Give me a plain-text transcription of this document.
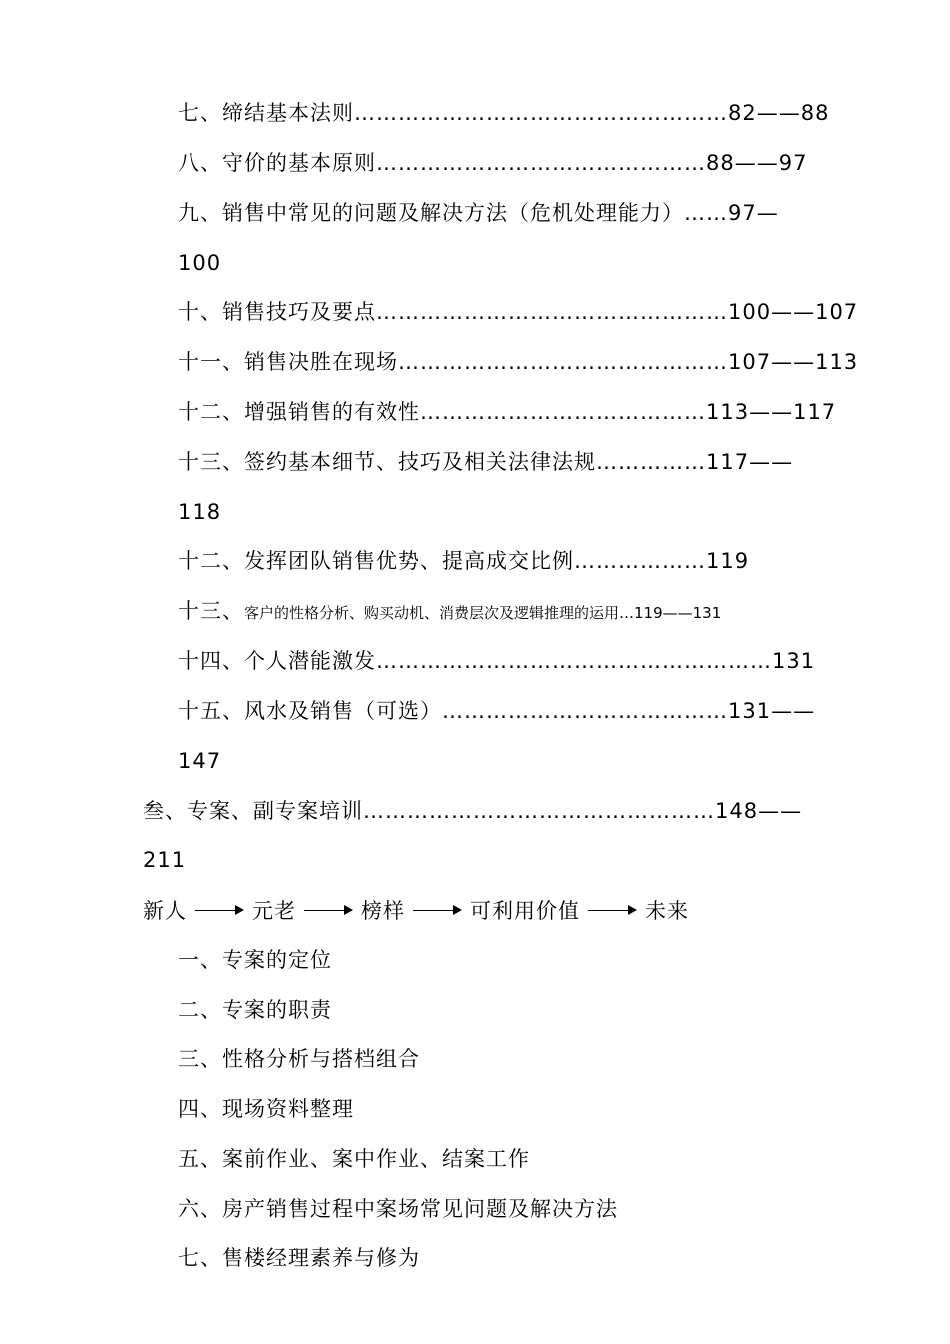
七、缔结基本法则……………………………………………82——88
八、守价的基本原则………………………………………88——97
九、销售中常见的问题及解决方法（危机处理能力）……97—
100
十、销售技巧及要点…………………………………………100——107
十一、销售决胜在现场………………………………………107——113
十二、增强销售的有效性…………………………………113——117
十三、签约基本细节、技巧及相关法律法规……………117——
118
十二、发挥团队销售优势、提高成交比例………………119
十三、客户的性格分析、购买动机、消费层次及逻辑推理的运用…119——131
十四、个人潜能激发………………………………………………131
十五、风水及销售（可选）…………………………………131——
147
叁、专案、副专案培训…………………………………………148——
211
新人	元老	榜样	可利用价值	未来
一、专案的定位
二、专案的职责
三、性格分析与搭档组合
四、现场资料整理
五、案前作业、案中作业、结案工作
六、房产销售过程中案场常见问题及解决方法
七、售楼经理素养与修为
